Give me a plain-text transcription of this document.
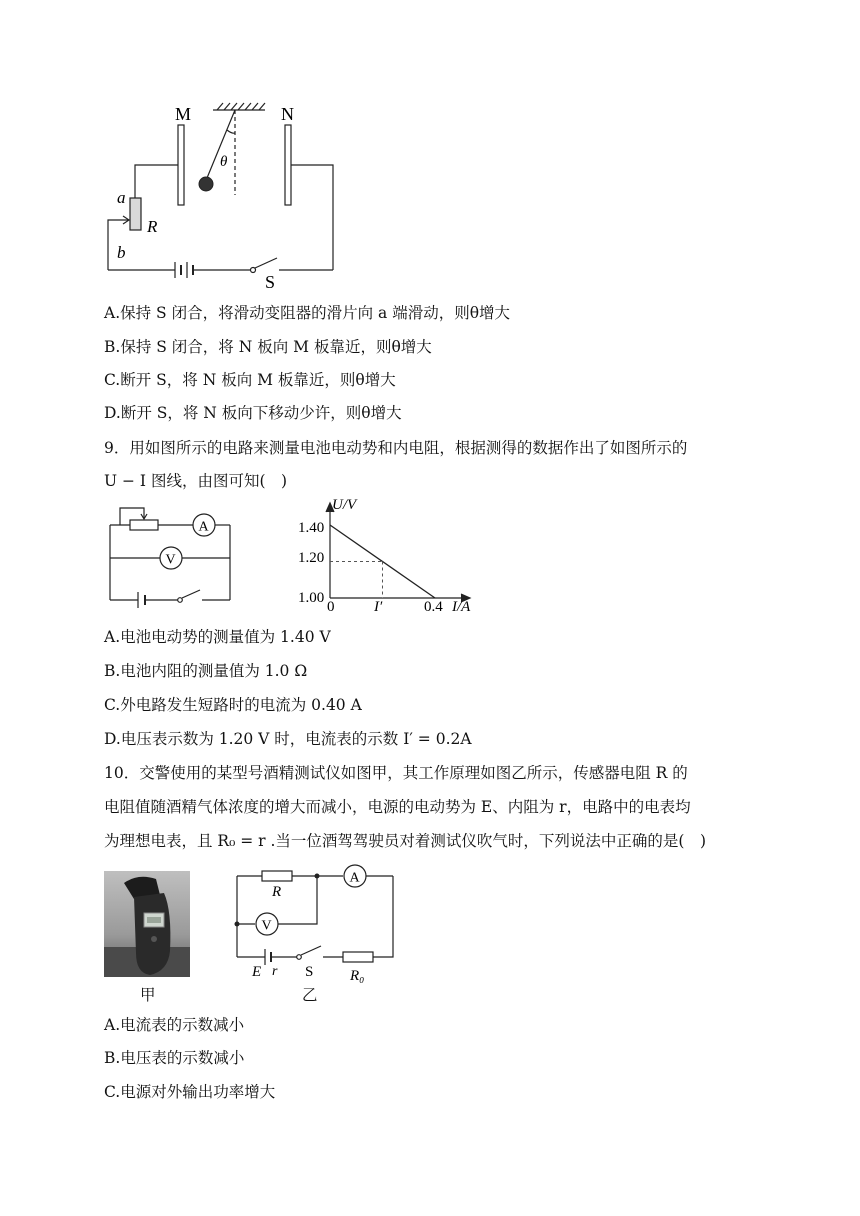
M	N
θ
a
R
b
S
A.保持 S 闭合，将滑动变阻器的滑片向 a 端滑动，则θ增大
B.保持 S 闭合，将 N 板向 M 板靠近，则θ增大
C.断开 S，将 N 板向 M 板靠近，则θ增大
D.断开 S，将 N 板向下移动少许，则θ增大
9．用如图所示的电路来测量电池电动势和内电阻，根据测得的数据作出了如图所示的
U − I 图线，由图可知(　)
A
V
U/V
I/A
1.40
1.20
1.00
0	I′	0.4
A.电池电动势的测量值为 1.40 V
B.电池内阻的测量值为 1.0 Ω
C.外电路发生短路时的电流为 0.40 A
D.电压表示数为 1.20 V 时，电流表的示数 I′ = 0.2A
10．交警使用的某型号酒精测试仪如图甲，其工作原理如图乙所示，传感器电阻 R 的
电阻值随酒精气体浓度的增大而减小，电源的电动势为 E、内阻为 r，电路中的电表均
为理想电表，且 R₀ = r .当一位酒驾驾驶员对着测试仪吹气时，下列说法中正确的是(　)
甲
R
A
V
E r S R₀
乙
A.电流表的示数减小
B.电压表的示数减小
C.电源对外输出功率增大
